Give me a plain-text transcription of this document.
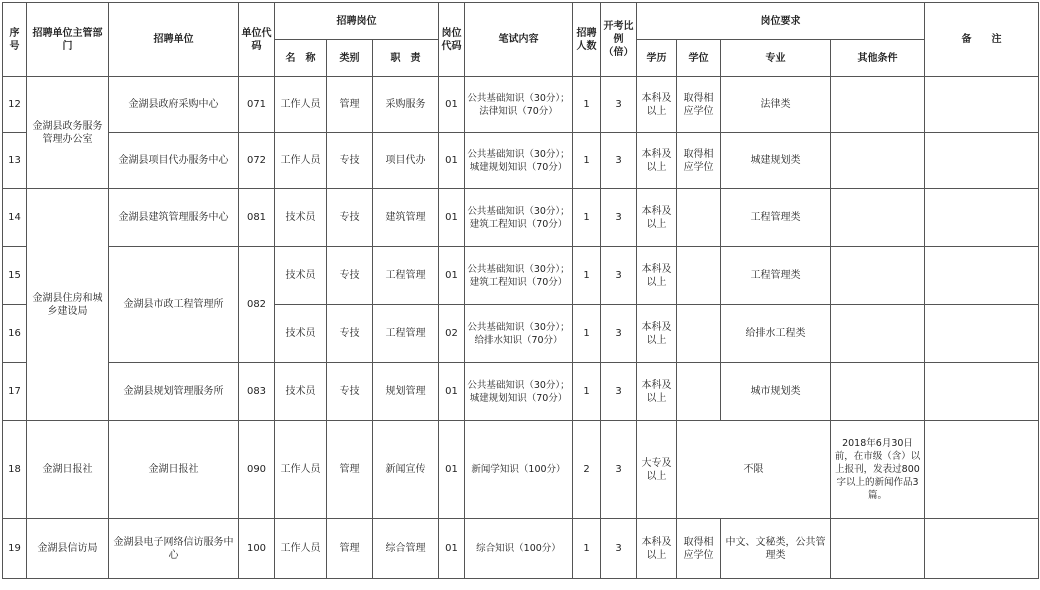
序号	招聘单位主管部门	招聘单位	单位代码	招聘岗位			岗位代码	笔试内容	招聘人数	开考比例（倍）	岗位要求				备　　注
				名　称	类别	职　责					学历	学位	专业	其他条件	
12	金湖县政务服务管理办公室	金湖县政府采购中心	071	工作人员	管理	采购服务	01	公共基础知识（30分）；法律知识（70分）	1	3	本科及以上	取得相应学位	法律类		
13		金湖县项目代办服务中心	072	工作人员	专技	项目代办	01	公共基础知识（30分）；城建规划知识（70分）	1	3	本科及以上	取得相应学位	城建规划类		
14	金湖县住房和城乡建设局	金湖县建筑管理服务中心	081	技术员	专技	建筑管理	01	公共基础知识（30分）；建筑工程知识（70分）	1	3	本科及以上		工程管理类		
15		金湖县市政工程管理所	082	技术员	专技	工程管理	01	公共基础知识（30分）；建筑工程知识（70分）	1	3	本科及以上		工程管理类		
16				技术员	专技	工程管理	02	公共基础知识（30分）；给排水知识（70分）	1	3	本科及以上		给排水工程类		
17		金湖县规划管理服务所	083	技术员	专技	规划管理	01	公共基础知识（30分）；城建规划知识（70分）	1	3	本科及以上		城市规划类		
18	金湖日报社	金湖日报社	090	工作人员	管理	新闻宣传	01	新闻学知识（100分）	2	3	大专及以上	不限		2018年6月30日前，在市级（含）以上报刊，发表过800字以上的新闻作品3篇。	
19	金湖县信访局	金湖县电子网络信访服务中心	100	工作人员	管理	综合管理	01	综合知识（100分）	1	3	本科及以上	取得相应学位	中文、文秘类，公共管理类		
